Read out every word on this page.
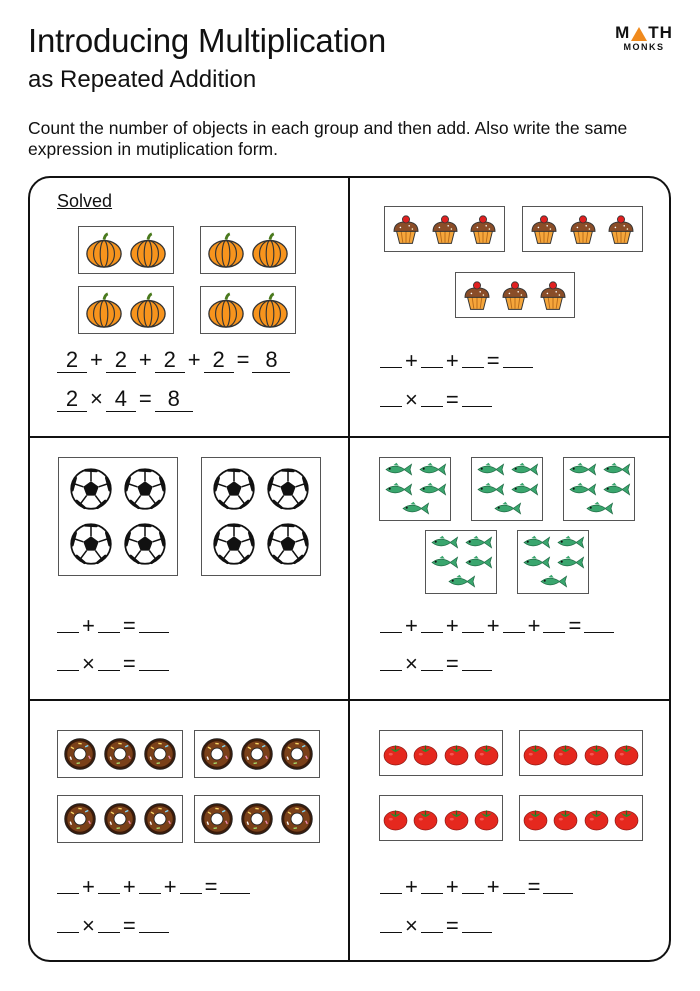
Introducing Multiplication
as Repeated Addition
M TH
MONKS
Count the number of objects in each group and then add. Also write the same expression in mutiplication form.
Solved
2 + 2 + 2 + 2 = 8
2 × 4 = 8
+ + =
× =
+ =
× =
+ + + + =
× =
+ + + =
× =
+ + + =
× =
